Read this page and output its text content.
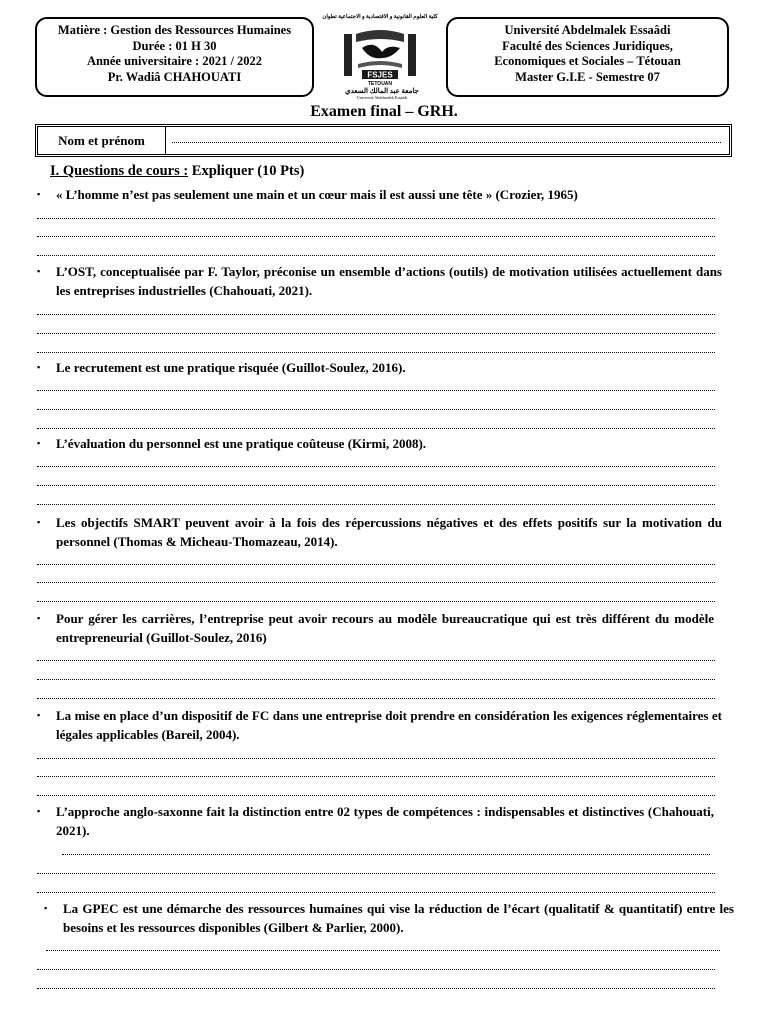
Matière : Gestion des Ressources Humaines
Durée : 01 H 30
Année universitaire : 2021 / 2022
Pr. Wadiâ CHAHOUATI
كلية العلوم القانونية و الاقتصادية و الاجتماعية تطوان
FSJES
TETOUAN
جامعة عبد المالك السعدي
Université Abdelmalek Essaâdi
Université Abdelmalek Essaâdi
Faculté des Sciences Juridiques,
Economiques et Sociales – Tétouan
Master G.I.E - Semestre 07
Examen final – GRH.
Nom et prénom
I. Questions de cours : Expliquer (10 Pts)
▪	« L’homme n’est pas seulement une main et un cœur mais il est aussi une tête » (Crozier, 1965)
▪	L’OST, conceptualisée par F. Taylor, préconise un ensemble d’actions (outils) de motivation utilisées actuellement dans les entreprises industrielles (Chahouati, 2021).
▪	Le recrutement est une pratique risquée (Guillot-Soulez, 2016).
▪	L’évaluation du personnel est une pratique coûteuse (Kirmi, 2008).
▪	Les objectifs SMART peuvent avoir à la fois des répercussions négatives et des effets positifs sur la motivation du personnel (Thomas & Micheau-Thomazeau, 2014).
▪	Pour gérer les carrières, l’entreprise peut avoir recours au modèle bureaucratique qui est très différent du modèle entrepreneurial (Guillot-Soulez, 2016)
▪	La mise en place d’un dispositif de FC dans une entreprise doit prendre en considération les exigences réglementaires et légales applicables (Bareil, 2004).
▪	L’approche anglo-saxonne fait la distinction entre 02 types de compétences : indispensables et distinctives (Chahouati, 2021).
▪	La GPEC est une démarche des ressources humaines qui vise la réduction de l’écart (qualitatif & quantitatif) entre les besoins et les ressources disponibles (Gilbert & Parlier, 2000).
